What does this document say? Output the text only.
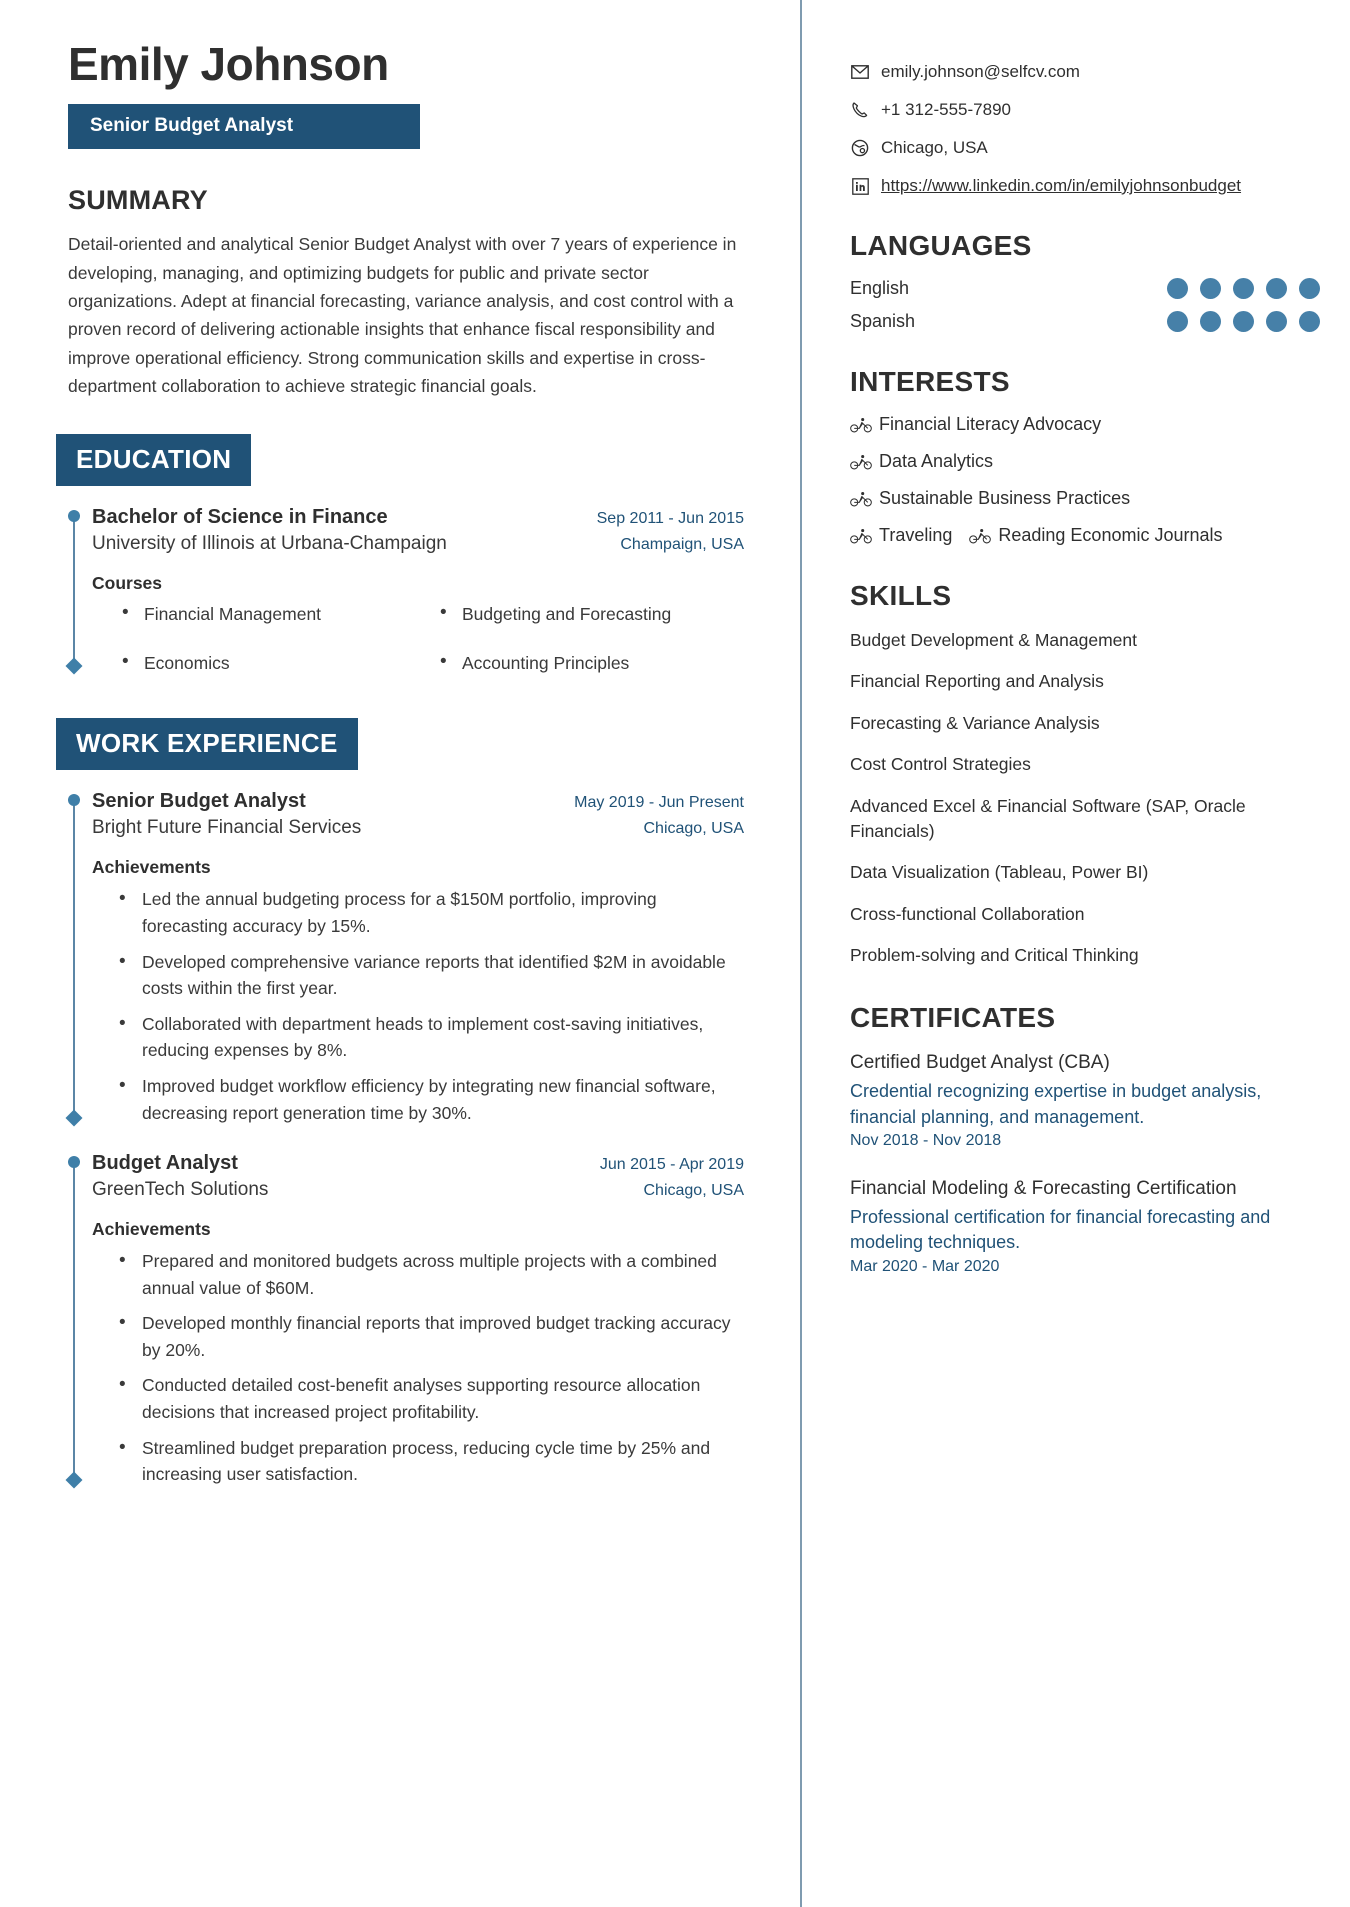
Emily Johnson
Senior Budget Analyst
SUMMARY
Detail-oriented and analytical Senior Budget Analyst with over 7 years of experience in developing, managing, and optimizing budgets for public and private sector organizations. Adept at financial forecasting, variance analysis, and cost control with a proven record of delivering actionable insights that enhance fiscal responsibility and improve operational efficiency. Strong communication skills and expertise in cross-department collaboration to achieve strategic financial goals.
EDUCATION
Bachelor of Science in Finance	Sep 2011 - Jun 2015
University of Illinois at Urbana-Champaign	Champaign, USA
Courses
• Financial Management	• Budgeting and Forecasting
• Economics	• Accounting Principles
WORK EXPERIENCE
Senior Budget Analyst	May 2019 - Jun Present
Bright Future Financial Services	Chicago, USA
Achievements
• Led the annual budgeting process for a $150M portfolio, improving forecasting accuracy by 15%.
• Developed comprehensive variance reports that identified $2M in avoidable costs within the first year.
• Collaborated with department heads to implement cost-saving initiatives, reducing expenses by 8%.
• Improved budget workflow efficiency by integrating new financial software, decreasing report generation time by 30%.
Budget Analyst	Jun 2015 - Apr 2019
GreenTech Solutions	Chicago, USA
Achievements
• Prepared and monitored budgets across multiple projects with a combined annual value of $60M.
• Developed monthly financial reports that improved budget tracking accuracy by 20%.
• Conducted detailed cost-benefit analyses supporting resource allocation decisions that increased project profitability.
• Streamlined budget preparation process, reducing cycle time by 25% and increasing user satisfaction.
emily.johnson@selfcv.com
+1 312-555-7890
Chicago, USA
https://www.linkedin.com/in/emilyjohnsonbudget
LANGUAGES
English
Spanish
INTERESTS
Financial Literacy Advocacy
Data Analytics
Sustainable Business Practices
Traveling	Reading Economic Journals
SKILLS
Budget Development & Management
Financial Reporting and Analysis
Forecasting & Variance Analysis
Cost Control Strategies
Advanced Excel & Financial Software (SAP, Oracle Financials)
Data Visualization (Tableau, Power BI)
Cross-functional Collaboration
Problem-solving and Critical Thinking
CERTIFICATES
Certified Budget Analyst (CBA)
Credential recognizing expertise in budget analysis, financial planning, and management.
Nov 2018 - Nov 2018
Financial Modeling & Forecasting Certification
Professional certification for financial forecasting and modeling techniques.
Mar 2020 - Mar 2020
